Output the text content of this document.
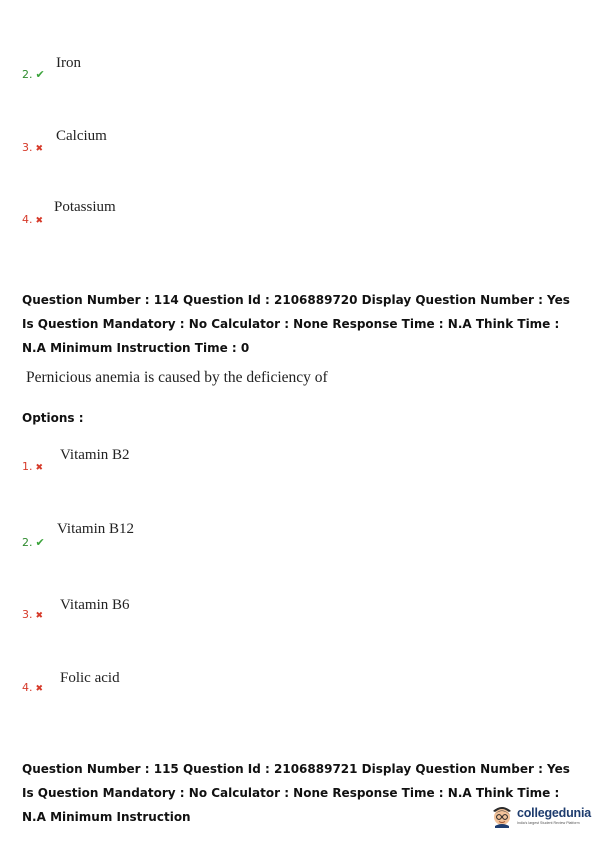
Iron
2. ✔
Calcium
3. ✖
Potassium
4. ✖
Question Number : 114 Question Id : 2106889720 Display Question Number : Yes Is Question Mandatory : No Calculator : None Response Time : N.A Think Time : N.A Minimum Instruction Time : 0
Pernicious anemia is caused by the deficiency of
Options :
Vitamin B2
1. ✖
Vitamin B12
2. ✔
Vitamin B6
3. ✖
Folic acid
4. ✖
Question Number : 115 Question Id : 2106889721 Display Question Number : Yes Is Question Mandatory : No Calculator : None Response Time : N.A Think Time : N.A Minimum Instruction	collegedunia
India's largest Student Review Platform
